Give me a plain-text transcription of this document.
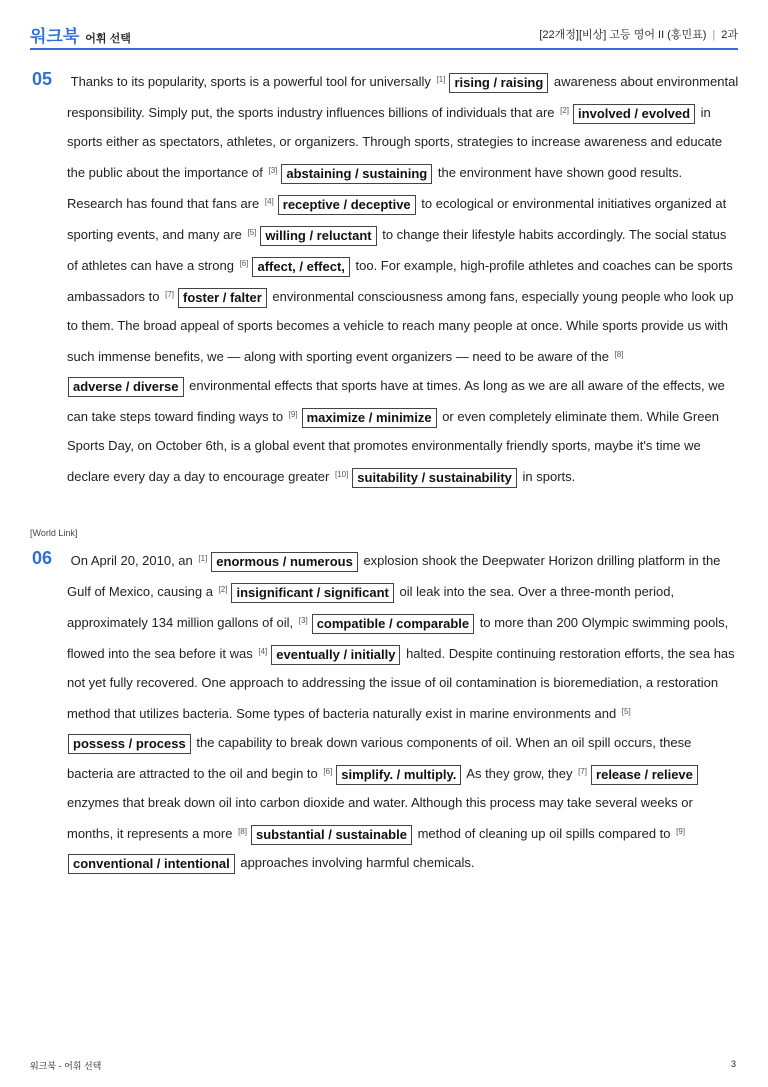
워크북 어휘 선택	[22개정][비상] 고등 영어 II (홍민표) | 2과
05 Thanks to its popularity, sports is a powerful tool for universally [1] rising / raising awareness about environmental responsibility. Simply put, the sports industry influences billions of individuals that are [2] involved / evolved in sports either as spectators, athletes, or organizers. Through sports, strategies to increase awareness and educate the public about the importance of [3] abstaining / sustaining the environment have shown good results. Research has found that fans are [4] receptive / deceptive to ecological or environmental initiatives organized at sporting events, and many are [5] willing / reluctant to change their lifestyle habits accordingly. The social status of athletes can have a strong [6] affect, / effect, too. For example, high-profile athletes and coaches can be sports ambassadors to [7] foster / falter environmental consciousness among fans, especially young people who look up to them. The broad appeal of sports becomes a vehicle to reach many people at once. While sports provide us with such immense benefits, we — along with sporting event organizers — need to be aware of the [8]adverse / diverse environmental effects that sports have at times. As long as we are all aware of the effects, we can take steps toward finding ways to [9] maximize / minimize or even completely eliminate them. While Green Sports Day, on October 6th, is a global event that promotes environmentally friendly sports, maybe it's time we declare every day a day to encourage greater [10] suitability / sustainability in sports.
[World Link]
06 On April 20, 2010, an [1] enormous / numerous explosion shook the Deepwater Horizon drilling platform in the Gulf of Mexico, causing a [2] insignificant / significant oil leak into the sea. Over a three-month period, approximately 134 million gallons of oil, [3] compatible / comparable to more than 200 Olympic swimming pools, flowed into the sea before it was [4] eventually / initially halted. Despite continuing restoration efforts, the sea has not yet fully recovered. One approach to addressing the issue of oil contamination is bioremediation, a restoration method that utilizes bacteria. Some types of bacteria naturally exist in marine environments and [5]possess / process the capability to break down various components of oil. When an oil spill occurs, these bacteria are attracted to the oil and begin to [6] simplify. / multiply. As they grow, they [7] release / relieve enzymes that break down oil into carbon dioxide and water. Although this process may take several weeks or months, it represents a more [8] substantial / sustainable method of cleaning up oil spills compared to [9]conventional / intentional approaches involving harmful chemicals.
워크북 - 어휘 선택	3
